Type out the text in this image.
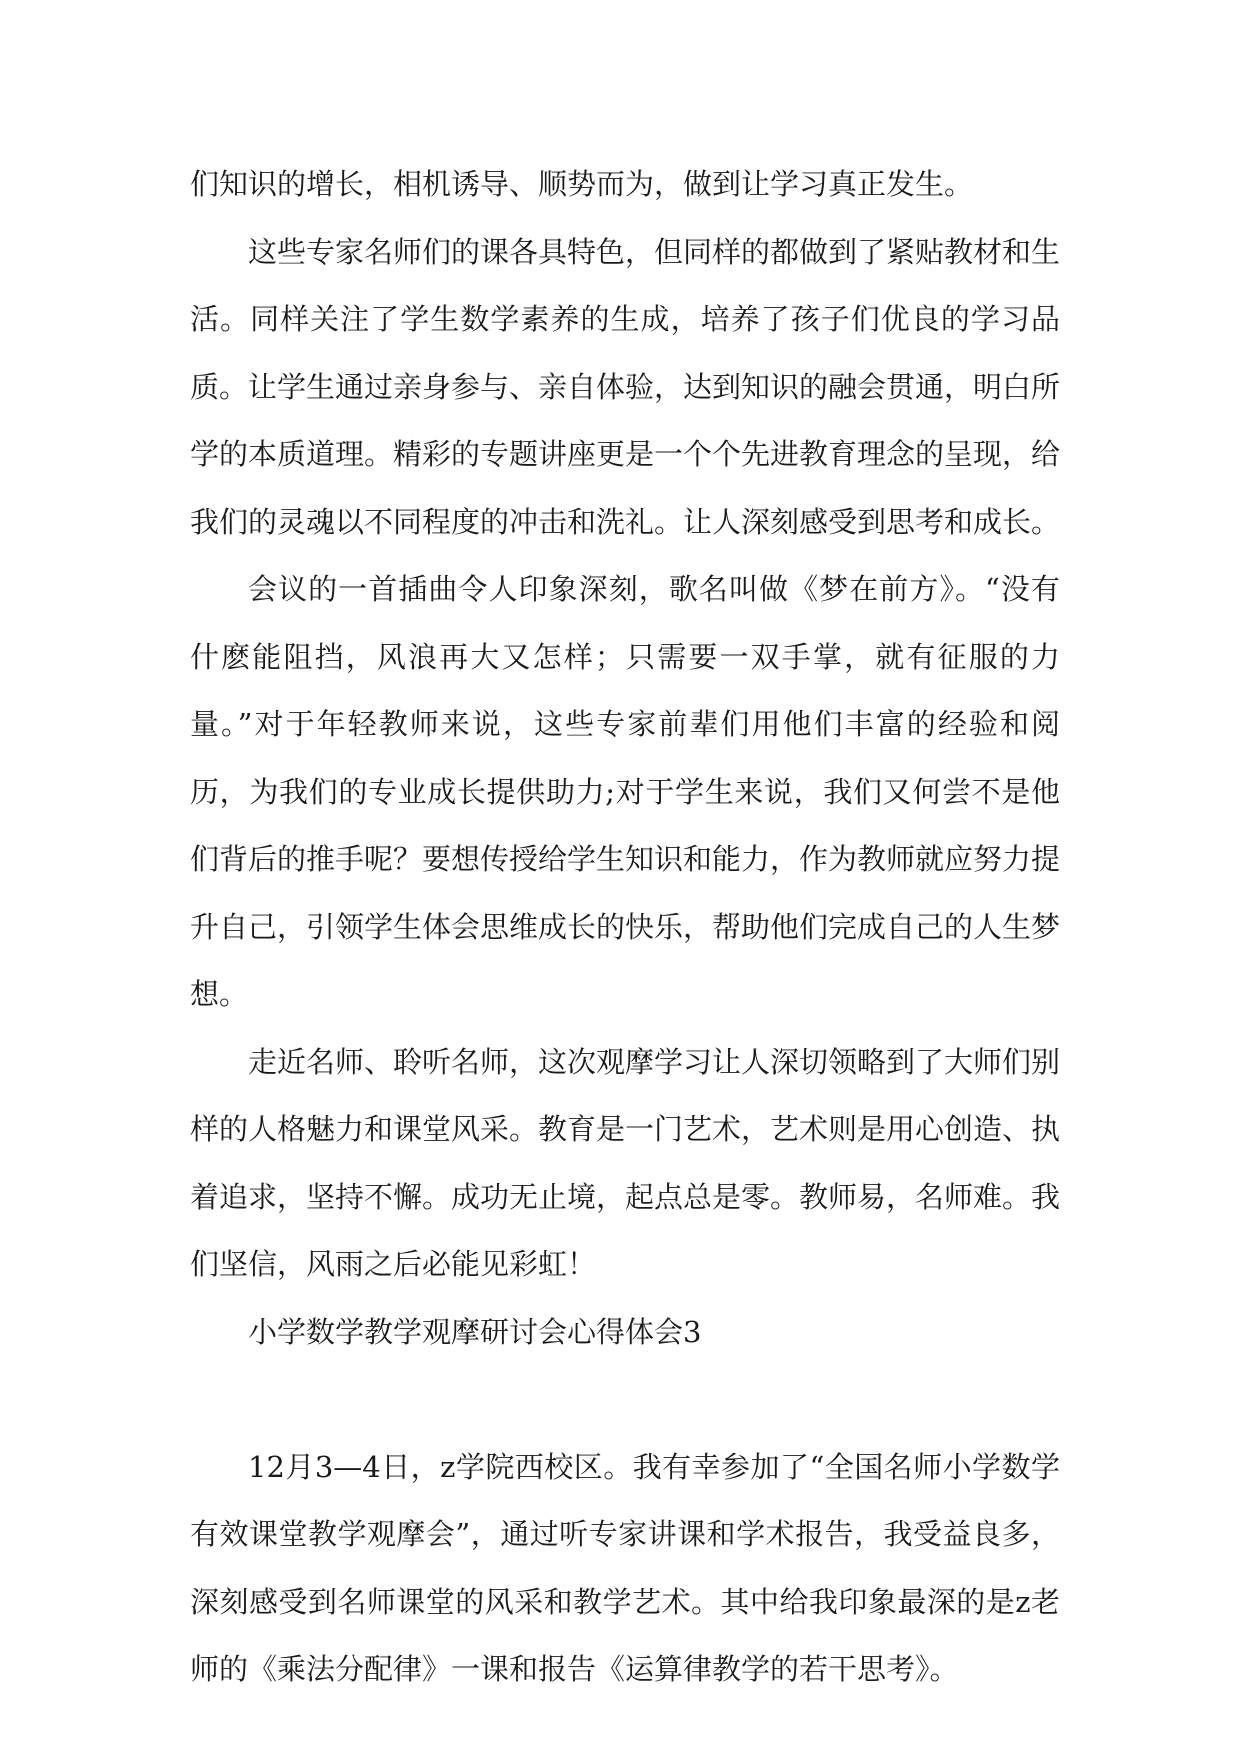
们知识的增长，相机诱导、顺势而为，做到让学习真正发生。

这些专家名师们的课各具特色，但同样的都做到了紧贴教材和生活。同样关注了学生数学素养的生成，培养了孩子们优良的学习品质。让学生通过亲身参与、亲自体验，达到知识的融会贯通，明白所学的本质道理。精彩的专题讲座更是一个个先进教育理念的呈现，给我们的灵魂以不同程度的冲击和洗礼。让人深刻感受到思考和成长。

会议的一首插曲令人印象深刻，歌名叫做《梦在前方》。“没有什麽能阻挡，风浪再大又怎样；只需要一双手掌，就有征服的力量。”对于年轻教师来说，这些专家前辈们用他们丰富的经验和阅历，为我们的专业成长提供助力;对于学生来说，我们又何尝不是他们背后的推手呢？要想传授给学生知识和能力，作为教师就应努力提升自己，引领学生体会思维成长的快乐，帮助他们完成自己的人生梦想。

走近名师、聆听名师，这次观摩学习让人深切领略到了大师们别样的人格魅力和课堂风采。教育是一门艺术，艺术则是用心创造、执着追求，坚持不懈。成功无止境，起点总是零。教师易，名师难。我们坚信，风雨之后必能见彩虹！

小学数学教学观摩研讨会心得体会3

12月3—4日，z学院西校区。我有幸参加了“全国名师小学数学有效课堂教学观摩会”，通过听专家讲课和学术报告，我受益良多，深刻感受到名师课堂的风采和教学艺术。其中给我印象最深的是z老师的《乘法分配律》一课和报告《运算律教学的若干思考》。
